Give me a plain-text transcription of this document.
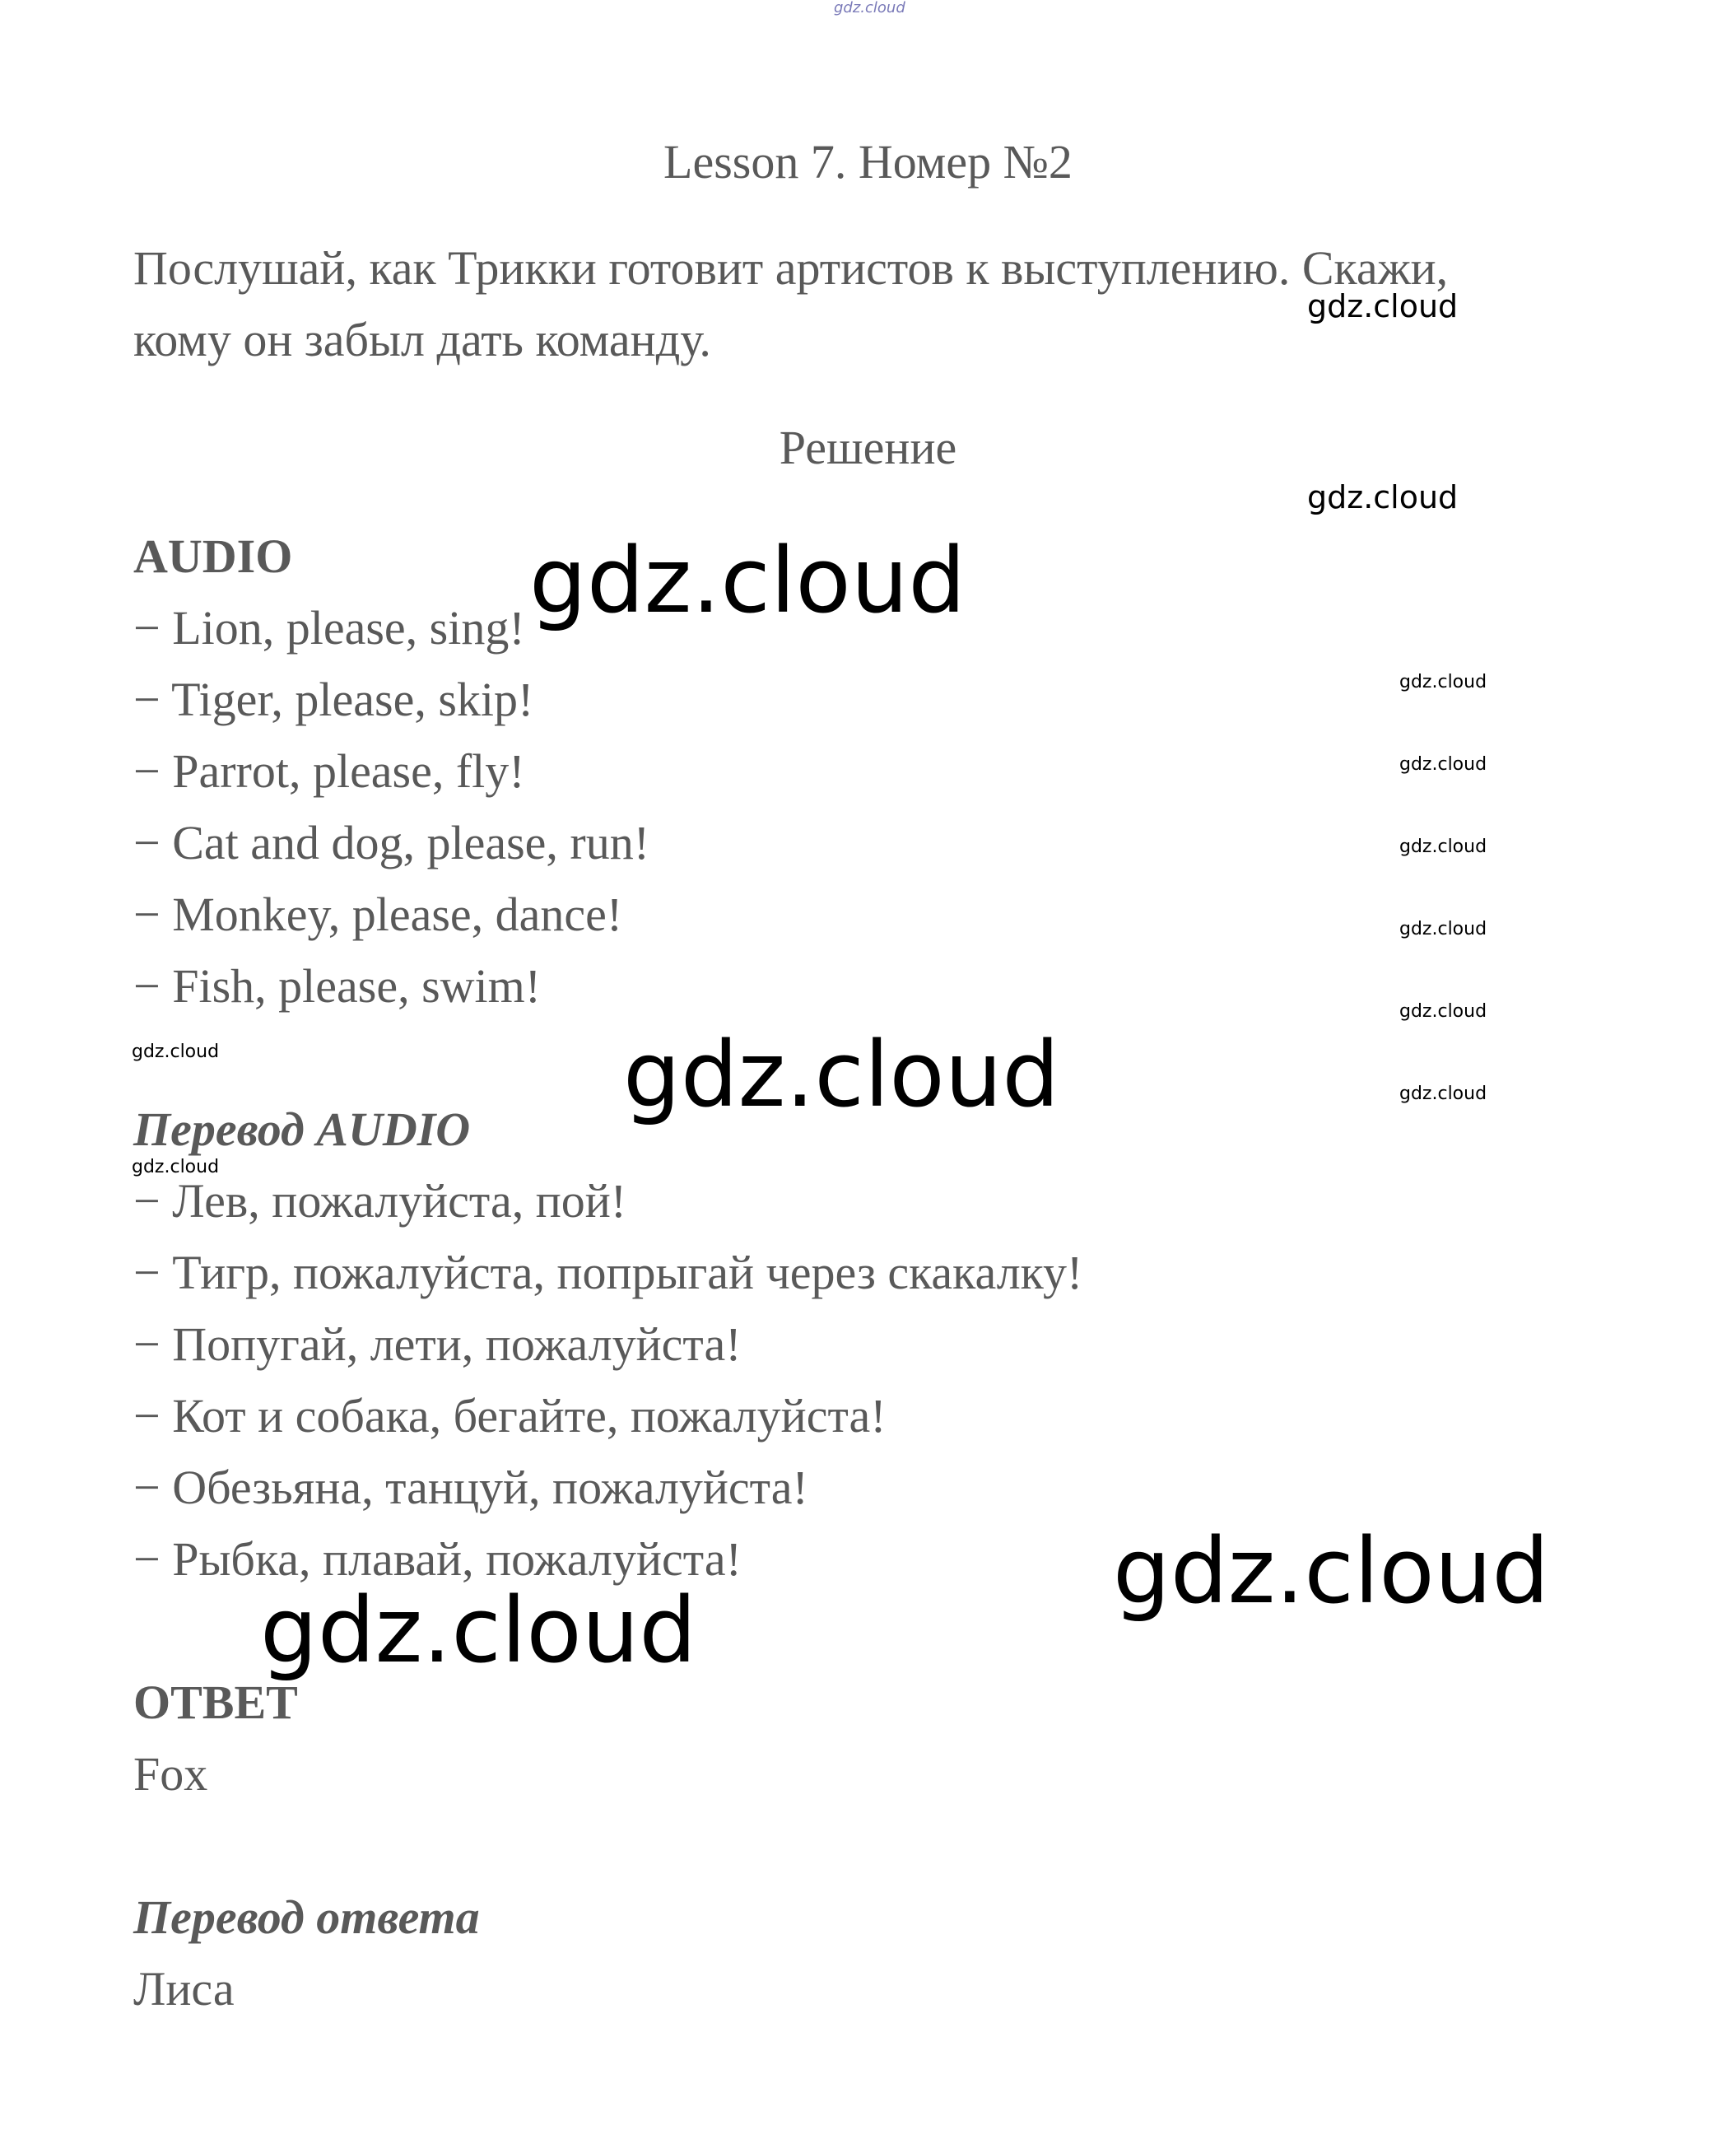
gdz.cloud
gdz.cloud
gdz.cloud
gdz.cloud
gdz.cloud
gdz.cloud
gdz.cloud
gdz.cloud
gdz.cloud
gdz.cloud
gdz.cloud
gdz.cloud
gdz.cloud
gdz.cloud
gdz.cloud
Lesson 7. Номер №2
Послушай, как Трикки готовит артистов к выступлению. Скажи, кому он забыл дать команду.
Решение
AUDIO
− Lion, please, sing!
− Tiger, please, skip!
− Parrot, please, fly!
− Cat and dog, please, run!
− Monkey, please, dance!
− Fish, please, swim!
Перевод AUDIO
− Лев, пожалуйста, пой!
− Тигр, пожалуйста, попрыгай через скакалку!
− Попугай, лети, пожалуйста!
− Кот и собака, бегайте, пожалуйста!
− Обезьяна, танцуй, пожалуйста!
− Рыбка, плавай, пожалуйста!
ОТВЕТ
Fox
Перевод ответа
Лиса
